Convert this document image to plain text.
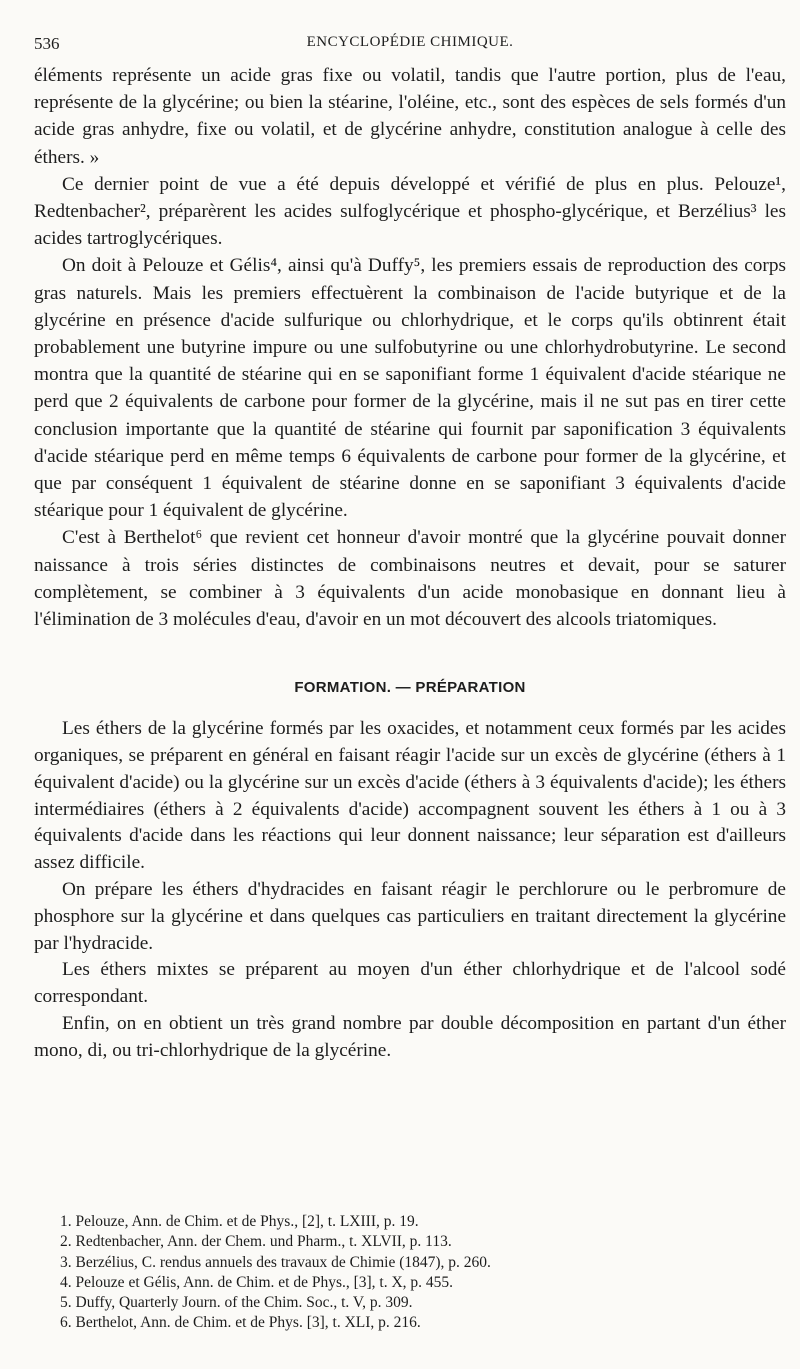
536	ENCYCLOPÉDIE CHIMIQUE.

éléments représente un acide gras fixe ou volatil, tandis que l'autre portion, plus de l'eau, représente de la glycérine; ou bien la stéarine, l'oléine, etc., sont des espèces de sels formés d'un acide gras anhydre, fixe ou volatil, et de glycérine anhydre, constitution analogue à celle des éthers. »

Ce dernier point de vue a été depuis développé et vérifié de plus en plus. Pelouze¹, Redtenbacher², préparèrent les acides sulfoglycérique et phospho-glycérique, et Berzélius³ les acides tartroglycériques.

On doit à Pelouze et Gélis⁴, ainsi qu'à Duffy⁵, les premiers essais de reproduction des corps gras naturels. Mais les premiers effectuèrent la combinaison de l'acide butyrique et de la glycérine en présence d'acide sulfurique ou chlorhydrique, et le corps qu'ils obtinrent était probablement une butyrine impure ou une sulfobutyrine ou une chlorhydrobutyrine. Le second montra que la quantité de stéarine qui en se saponifiant forme 1 équivalent d'acide stéarique ne perd que 2 équivalents de carbone pour former de la glycérine, mais il ne sut pas en tirer cette conclusion importante que la quantité de stéarine qui fournit par saponification 3 équivalents d'acide stéarique perd en même temps 6 équivalents de carbone pour former de la glycérine, et que par conséquent 1 équivalent de stéarine donne en se saponifiant 3 équivalents d'acide stéarique pour 1 équivalent de glycérine.

C'est à Berthelot⁶ que revient cet honneur d'avoir montré que la glycérine pouvait donner naissance à trois séries distinctes de combinaisons neutres et devait, pour se saturer complètement, se combiner à 3 équivalents d'un acide monobasique en donnant lieu à l'élimination de 3 molécules d'eau, d'avoir en un mot découvert des alcools triatomiques.

FORMATION. — PRÉPARATION

Les éthers de la glycérine formés par les oxacides, et notamment ceux formés par les acides organiques, se préparent en général en faisant réagir l'acide sur un excès de glycérine (éthers à 1 équivalent d'acide) ou la glycérine sur un excès d'acide (éthers à 3 équivalents d'acide); les éthers intermédiaires (éthers à 2 équivalents d'acide) accompagnent souvent les éthers à 1 ou à 3 équivalents d'acide dans les réactions qui leur donnent naissance; leur séparation est d'ailleurs assez difficile.

On prépare les éthers d'hydracides en faisant réagir le perchlorure ou le perbromure de phosphore sur la glycérine et dans quelques cas particuliers en traitant directement la glycérine par l'hydracide.

Les éthers mixtes se préparent au moyen d'un éther chlorhydrique et de l'alcool sodé correspondant.

Enfin, on en obtient un très grand nombre par double décomposition en partant d'un éther mono, di, ou tri-chlorhydrique de la glycérine.

1. Pelouze, Ann. de Chim. et de Phys., [2], t. LXIII, p. 19.
2. Redtenbacher, Ann. der Chem. und Pharm., t. XLVII, p. 113.
3. Berzélius, C. rendus annuels des travaux de Chimie (1847), p. 260.
4. Pelouze et Gélis, Ann. de Chim. et de Phys., [3], t. X, p. 455.
5. Duffy, Quarterly Journ. of the Chim. Soc., t. V, p. 309.
6. Berthelot, Ann. de Chim. et de Phys. [3], t. XLI, p. 216.
